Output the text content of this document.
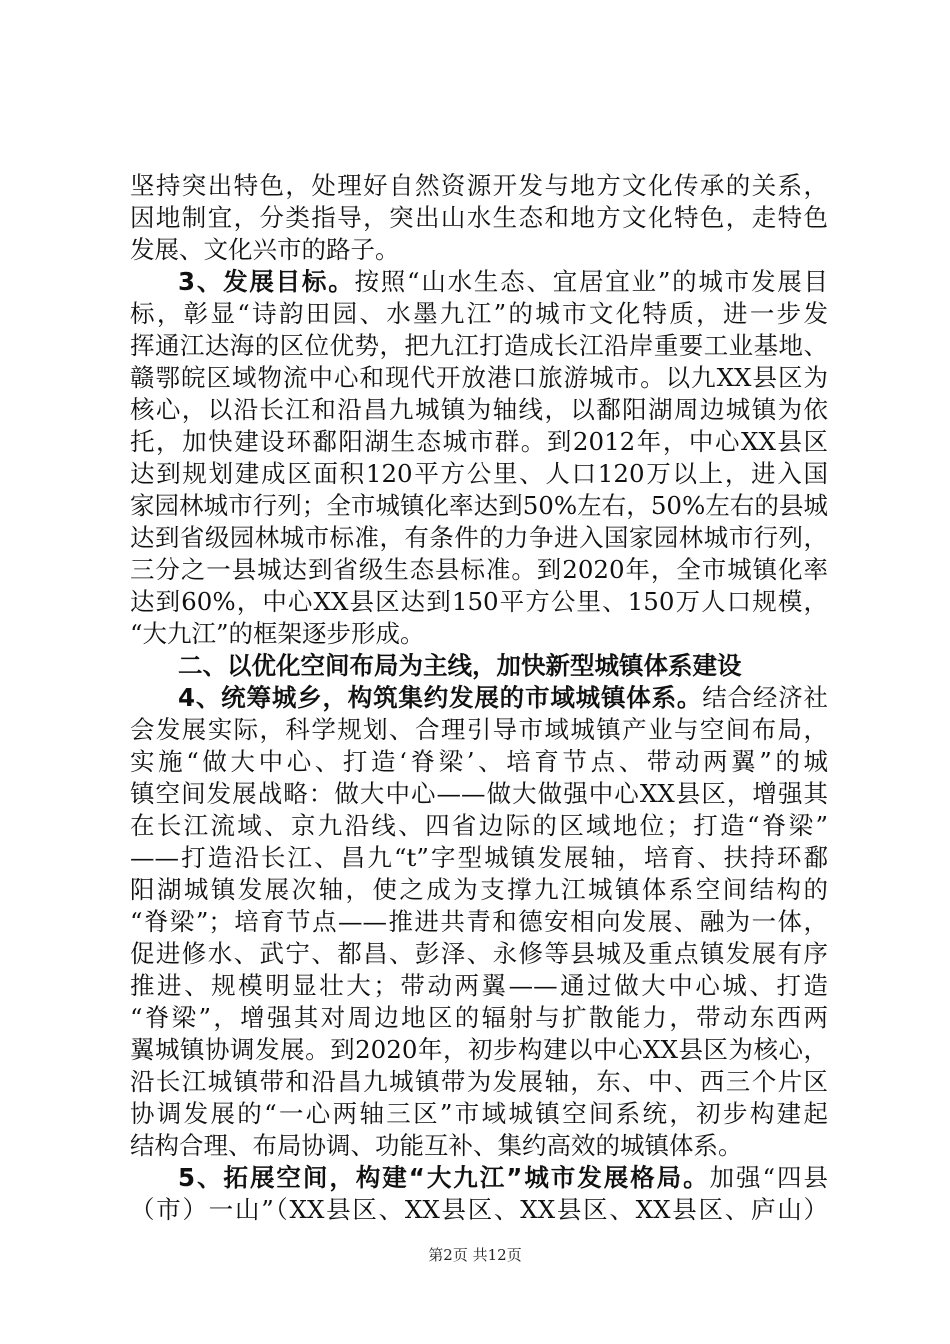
坚持突出特色，处理好自然资源开发与地方文化传承的关系，
因地制宜，分类指导，突出山水生态和地方文化特色，走特色
发展、文化兴市的路子。
3、发展目标。按照“山水生态、宜居宜业”的城市发展目
标，彰显“诗韵田园、水墨九江”的城市文化特质，进一步发
挥通江达海的区位优势，把九江打造成长江沿岸重要工业基地、
赣鄂皖区域物流中心和现代开放港口旅游城市。以九XX县区为
核心，以沿长江和沿昌九城镇为轴线，以鄱阳湖周边城镇为依
托，加快建设环鄱阳湖生态城市群。到2012年，中心XX县区
达到规划建成区面积120平方公里、人口120万以上，进入国
家园林城市行列；全市城镇化率达到50%左右，50%左右的县城
达到省级园林城市标准，有条件的力争进入国家园林城市行列，
三分之一县城达到省级生态县标准。到2020年，全市城镇化率
达到60%，中心XX县区达到150平方公里、150万人口规模，
“大九江”的框架逐步形成。
二、以优化空间布局为主线，加快新型城镇体系建设
4、统筹城乡，构筑集约发展的市域城镇体系。结合经济社
会发展实际，科学规划、合理引导市域城镇产业与空间布局，
实施“做大中心、打造‘脊梁’、培育节点、带动两翼”的城
镇空间发展战略：做大中心——做大做强中心XX县区，增强其
在长江流域、京九沿线、四省边际的区域地位；打造“脊梁”
——打造沿长江、昌九“t”字型城镇发展轴，培育、扶持环鄱
阳湖城镇发展次轴，使之成为支撑九江城镇体系空间结构的
“脊梁”；培育节点——推进共青和德安相向发展、融为一体，
促进修水、武宁、都昌、彭泽、永修等县城及重点镇发展有序
推进、规模明显壮大；带动两翼——通过做大中心城、打造
“脊梁”，增强其对周边地区的辐射与扩散能力，带动东西两
翼城镇协调发展。到2020年，初步构建以中心XX县区为核心，
沿长江城镇带和沿昌九城镇带为发展轴，东、中、西三个片区
协调发展的“一心两轴三区”市域城镇空间系统，初步构建起
结构合理、布局协调、功能互补、集约高效的城镇体系。
5、拓展空间，构建“大九江”城市发展格局。加强“四县
（市）一山”（XX县区、XX县区、XX县区、XX县区、庐山）
第2页 共12页
